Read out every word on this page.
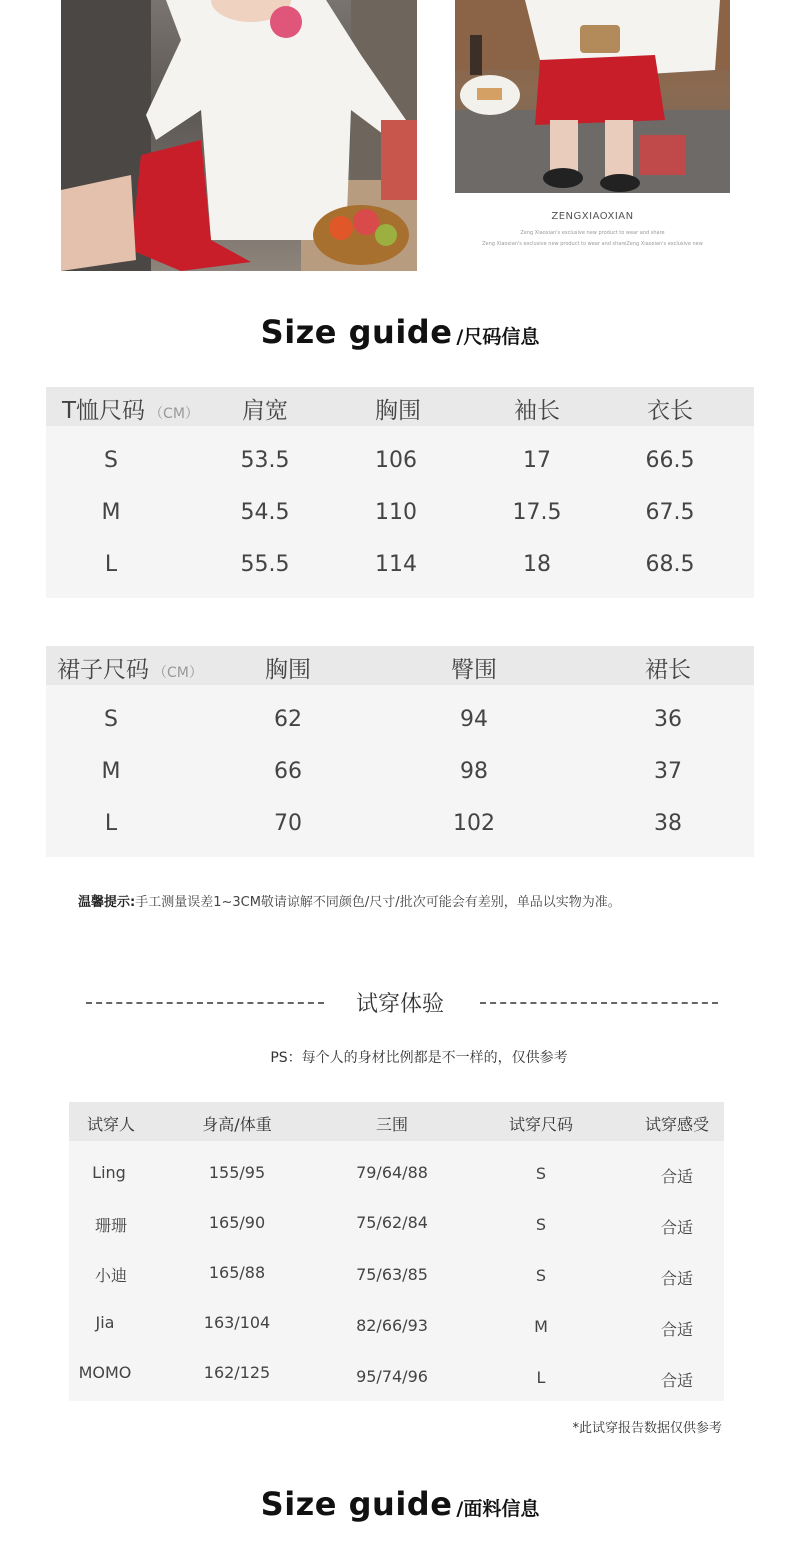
ZENGXIAOXIAN
Zeng Xiaoxian's exclusive new product to wear and share
Zeng Xiaoxian's exclusive new product to wear and shareZeng Xiaoxian's exclusive new
Size guide /尺码信息
T恤尺码 （CM）	肩宽	胸围	袖长	衣长
S	53.5	106	17	66.5
M	54.5	110	17.5	67.5
L	55.5	114	18	68.5
裙子尺码 （CM）	胸围	臀围	裙长
S	62	94	36
M	66	98	37
L	70	102	38
温馨提示:手工测量误差1~3CM敬请谅解不同颜色/尺寸/批次可能会有差别，单品以实物为准。
试穿体验
PS：每个人的身材比例都是不一样的，仅供参考
试穿人	身高/体重	三围	试穿尺码	试穿感受
Ling	155/95	79/64/88	S	合适
珊珊	165/90	75/62/84	S	合适
小迪	165/88	75/63/85	S	合适
Jia	163/104	82/66/93	M	合适
MOMO	162/125	95/74/96	L	合适
*此试穿报告数据仅供参考
Size guide /面料信息
